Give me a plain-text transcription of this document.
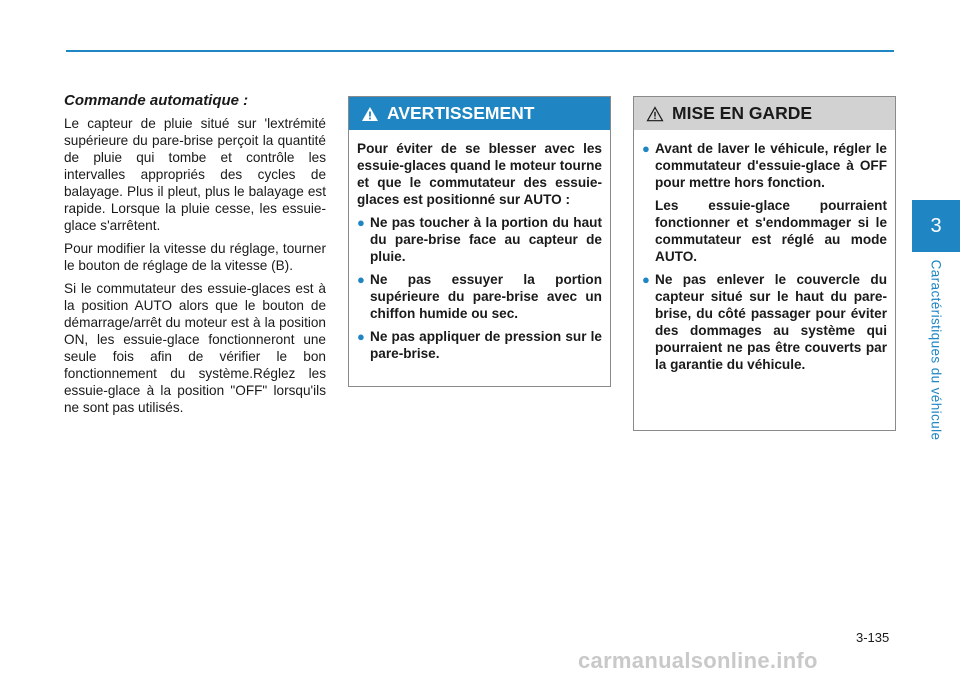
3
Caractéristiques du véhicule
Commande automatique :

Le capteur de pluie situé sur 'lextrémité supérieure du pare-brise perçoit la quantité de pluie qui tombe et contrôle les intervalles appropriés des cycles de balayage. Plus il pleut, plus le balayage est rapide. Lorsque la pluie cesse, les essuie-glace s'arrêtent.

Pour modifier la vitesse du réglage, tourner le bouton de réglage de la vitesse (B).

Si le commutateur des essuie-glaces est à la position AUTO alors que le bouton de démarrage/arrêt du moteur est à la position ON, les essuie-glace fonctionneront une seule fois afin de vérifier le bon fonctionnement du système.Réglez les essuie-glace à la position "OFF" lorsqu'ils ne sont pas utilisés.

AVERTISSEMENT

Pour éviter de se blesser avec les essuie-glaces quand le moteur tourne et que le commutateur des essuie-glaces est positionné sur AUTO :

● Ne pas toucher à la portion du haut du pare-brise face au capteur de pluie.
● Ne pas essuyer la portion supérieure du pare-brise avec un chiffon humide ou sec.
● Ne pas appliquer de pression sur le pare-brise.
MISE EN GARDE
● Avant de laver le véhicule, régler le commutateur d'essuie-glace à OFF pour mettre hors fonction.

Les essuie-glace pourraient fonctionner et s'endommager si le commutateur est réglé au mode AUTO.

● Ne pas enlever le couvercle du capteur situé sur le haut du pare-brise, du côté passager pour éviter des dommages au système qui pourraient ne pas être couverts par la garantie du véhicule.
3-135
carmanualsonline.info
